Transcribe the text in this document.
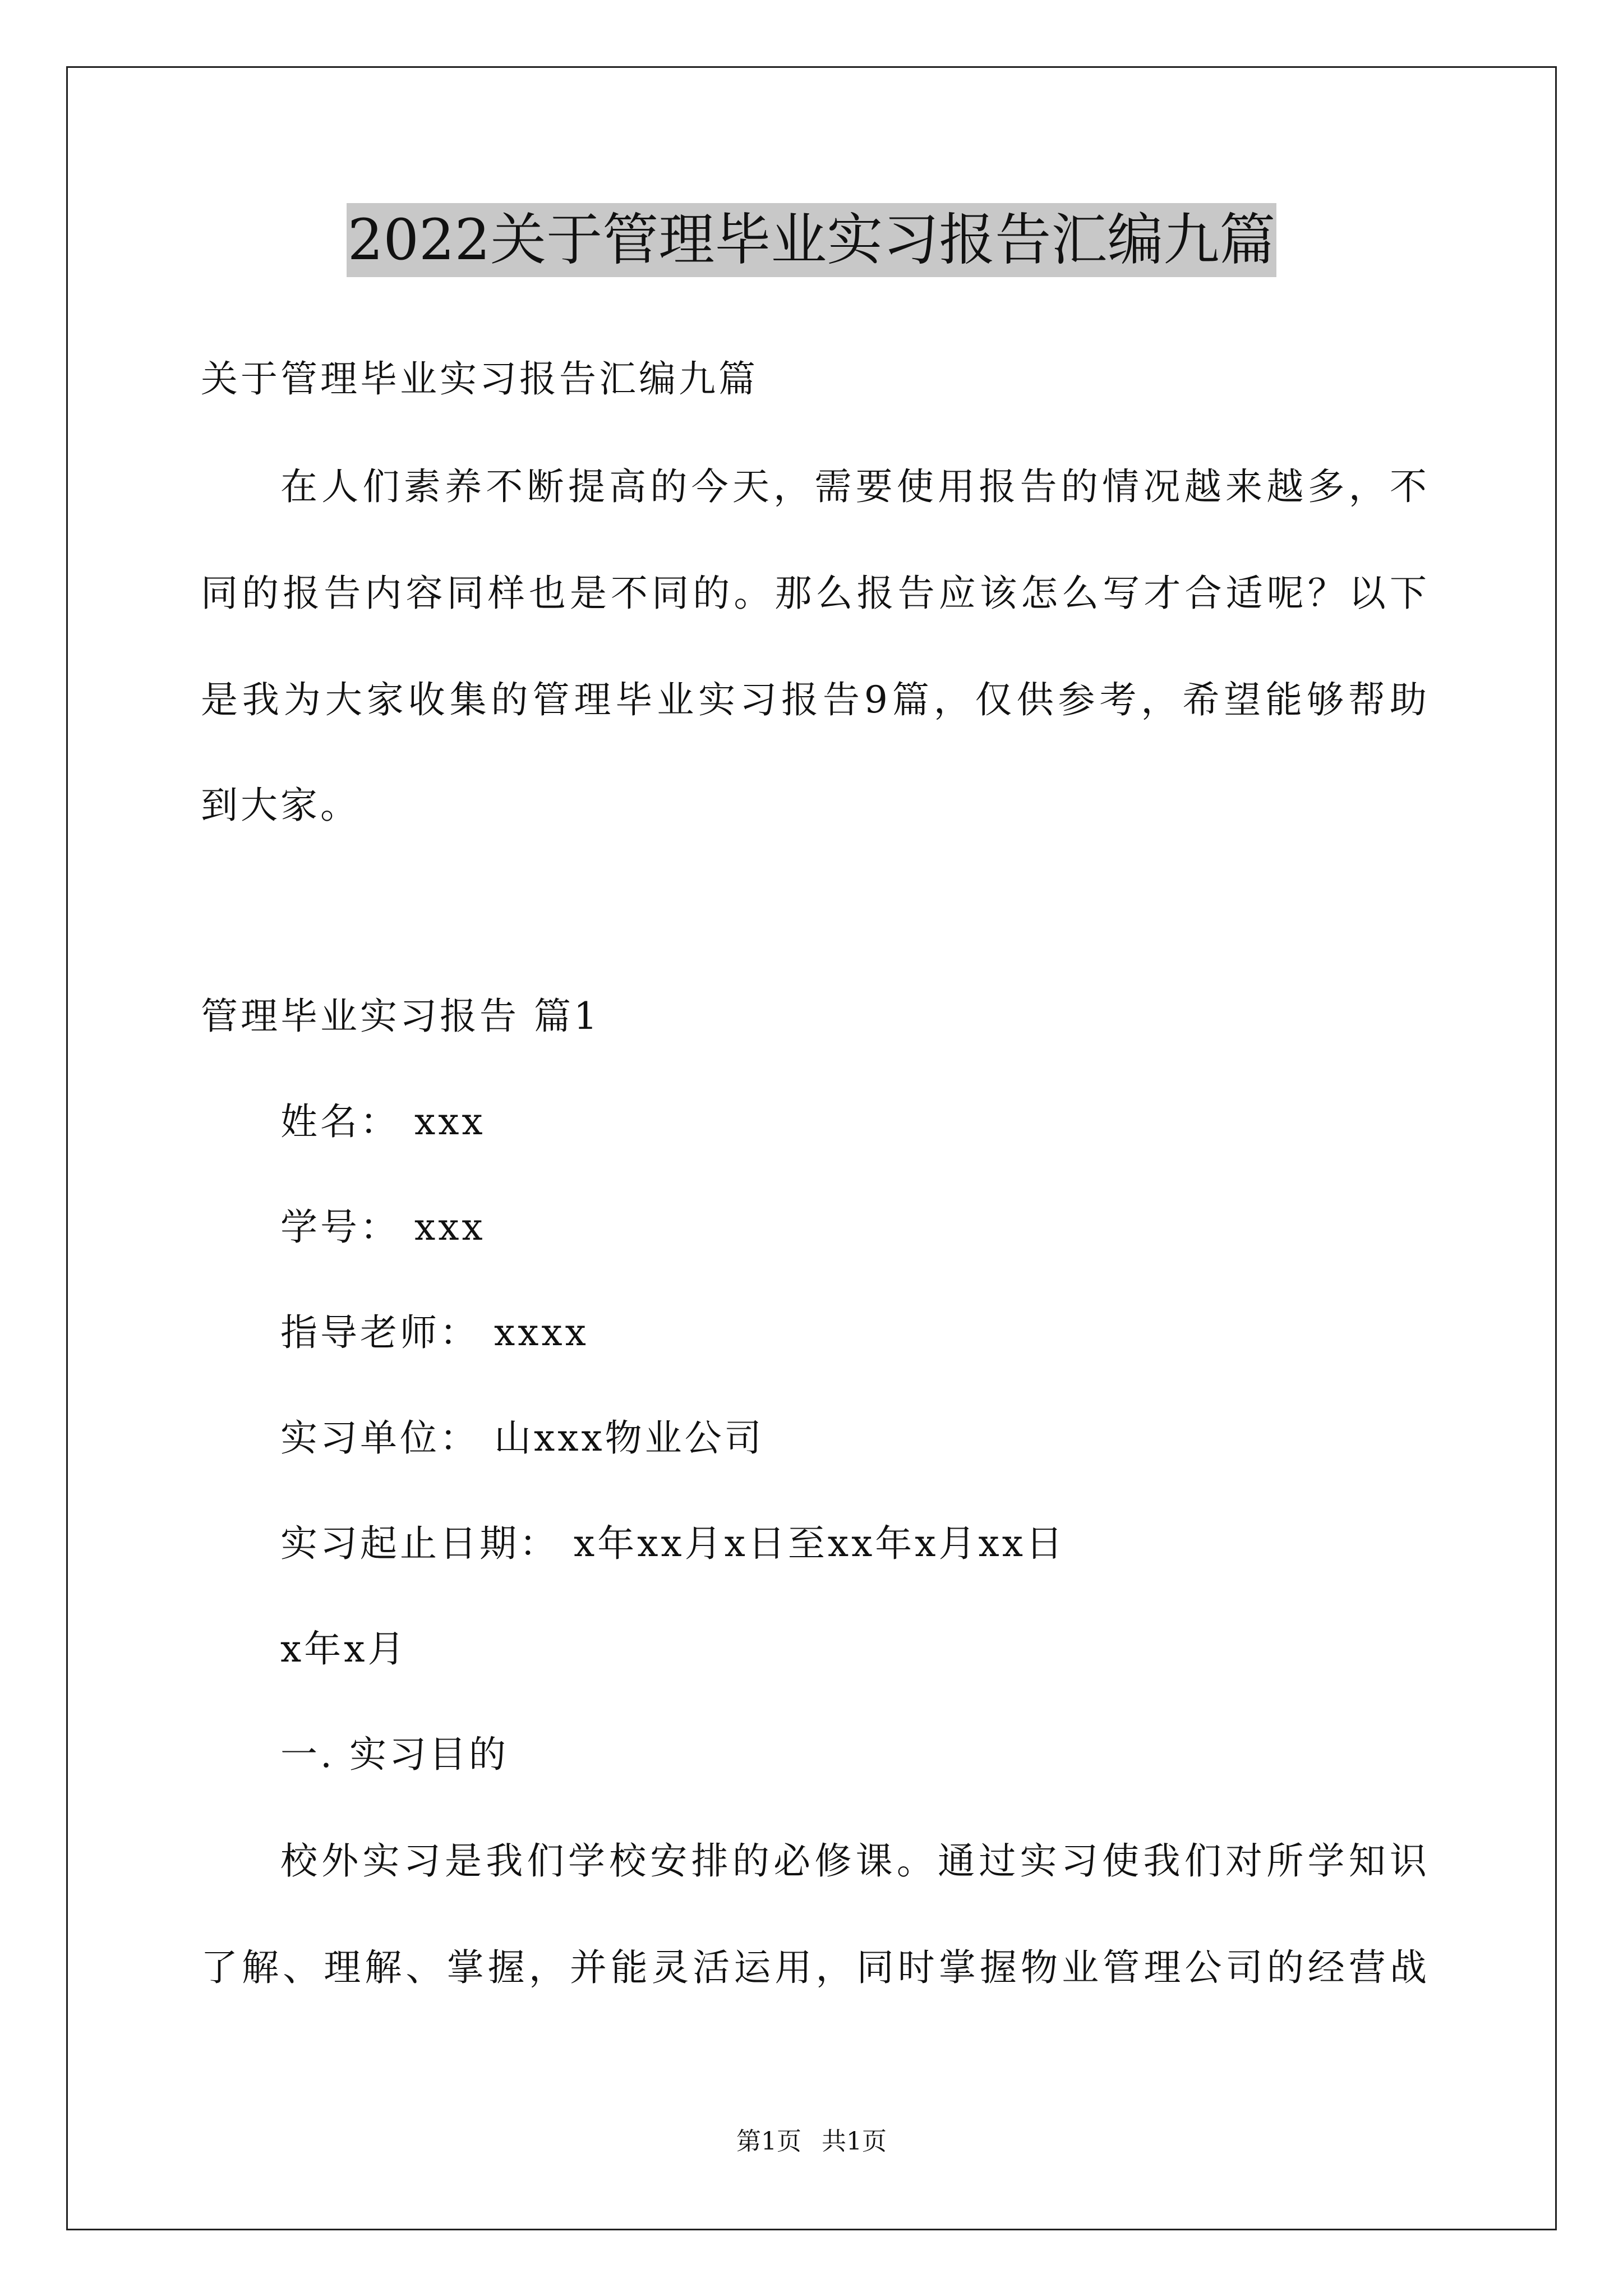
2022关于管理毕业实习报告汇编九篇
关于管理毕业实习报告汇编九篇
在人们素养不断提高的今天，需要使用报告的情况越来越多，不
同的报告内容同样也是不同的。那么报告应该怎么写才合适呢？以下
是我为大家收集的管理毕业实习报告9篇，仅供参考，希望能够帮助
到大家。
管理毕业实习报告 篇1
姓名： xxx
学号： xxx
指导老师： xxxx
实习单位： 山xxx物业公司
实习起止日期： x年xx月x日至xx年x月xx日
x年x月
一. 实习目的
校外实习是我们学校安排的必修课。通过实习使我们对所学知识
了解、理解、掌握，并能灵活运用，同时掌握物业管理公司的经营战
第1页 共1页
